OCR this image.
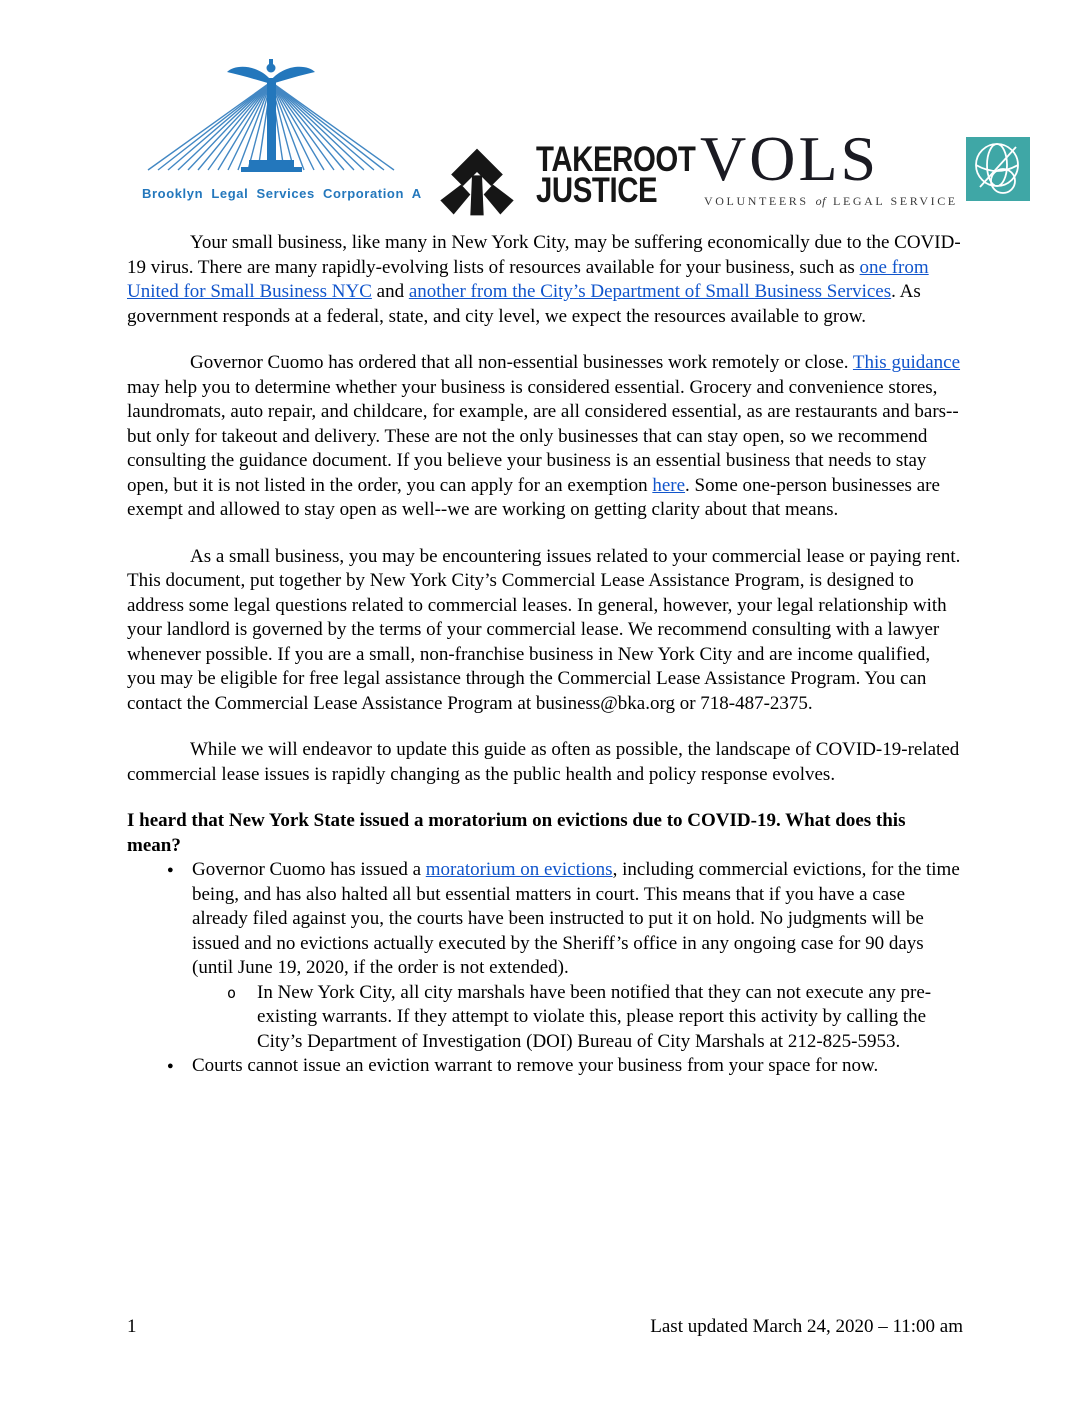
Brooklyn Legal Services Corporation A
TAKEROOT
JUSTICE VOLS
VOLUNTEERS of LEGAL SERVICE

Your small business, like many in New York City, may be suffering economically due to the COVID-19 virus. There are many rapidly-evolving lists of resources available for your business, such as one from United for Small Business NYC and another from the City’s Department of Small Business Services. As government responds at a federal, state, and city level, we expect the resources available to grow.

Governor Cuomo has ordered that all non-essential businesses work remotely or close. This guidance may help you to determine whether your business is considered essential. Grocery and convenience stores, laundromats, auto repair, and childcare, for example, are all considered essential, as are restaurants and bars--but only for takeout and delivery. These are not the only businesses that can stay open, so we recommend consulting the guidance document. If you believe your business is an essential business that needs to stay open, but it is not listed in the order, you can apply for an exemption here. Some one-person businesses are exempt and allowed to stay open as well--we are working on getting clarity about that means.

As a small business, you may be encountering issues related to your commercial lease or paying rent. This document, put together by New York City’s Commercial Lease Assistance Program, is designed to address some legal questions related to commercial leases. In general, however, your legal relationship with your landlord is governed by the terms of your commercial lease. We recommend consulting with a lawyer whenever possible. If you are a small, non-franchise business in New York City and are income qualified, you may be eligible for free legal assistance through the Commercial Lease Assistance Program. You can contact the Commercial Lease Assistance Program at business@bka.org or 718-487-2375.

While we will endeavor to update this guide as often as possible, the landscape of COVID-19-related commercial lease issues is rapidly changing as the public health and policy response evolves.

I heard that New York State issued a moratorium on evictions due to COVID-19. What does this mean?

● Governor Cuomo has issued a moratorium on evictions, including commercial evictions, for the time being, and has also halted all but essential matters in court. This means that if you have a case already filed against you, the courts have been instructed to put it on hold. No judgments will be issued and no evictions actually executed by the Sheriff’s office in any ongoing case for 90 days (until June 19, 2020, if the order is not extended).
o In New York City, all city marshals have been notified that they can not execute any pre-existing warrants. If they attempt to violate this, please report this activity by calling the City’s Department of Investigation (DOI) Bureau of City Marshals at 212-825-5953.
● Courts cannot issue an eviction warrant to remove your business from your space for now.
1	Last updated March 24, 2020 – 11:00 am
